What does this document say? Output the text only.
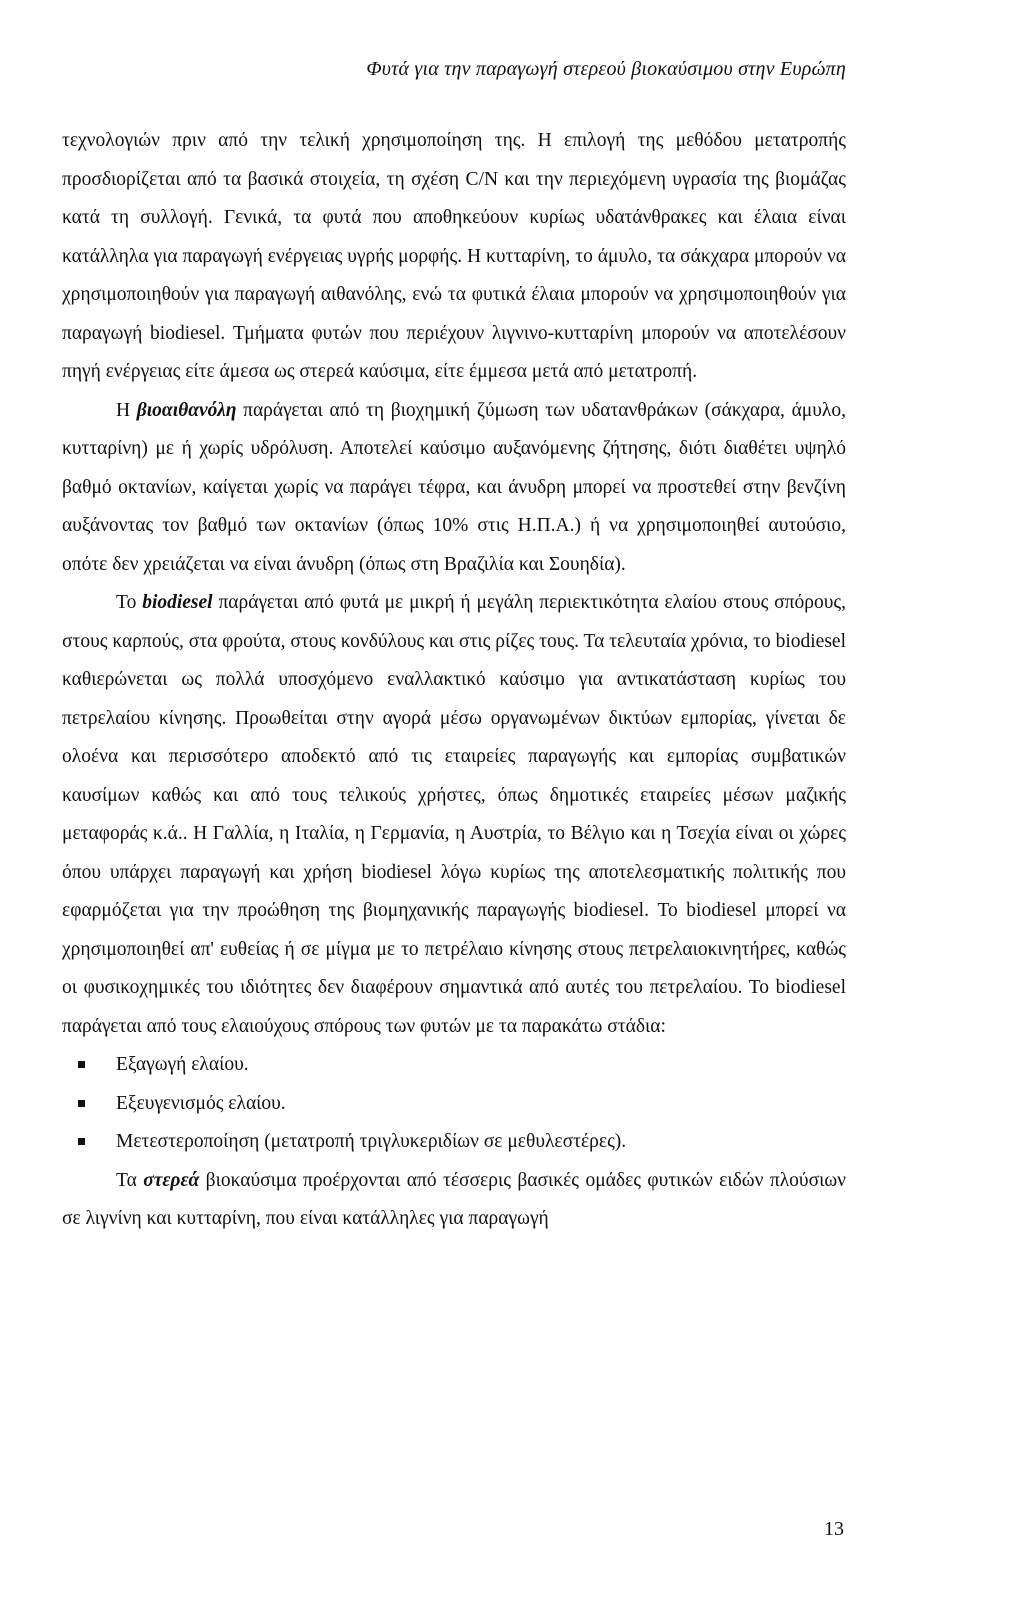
Φυτά για την παραγωγή στερεού βιοκαύσιμου στην Ευρώπη

τεχνολογιών πριν από την τελική χρησιμοποίηση της. Η επιλογή της μεθόδου μετατροπής προσδιορίζεται από τα βασικά στοιχεία, τη σχέση C/N και την περιεχόμενη υγρασία της βιομάζας κατά τη συλλογή. Γενικά, τα φυτά που αποθηκεύουν κυρίως υδατάνθρακες και έλαια είναι κατάλληλα για παραγωγή ενέργειας υγρής μορφής. Η κυτταρίνη, το άμυλο, τα σάκχαρα μπορούν να χρησιμοποιηθούν για παραγωγή αιθανόλης, ενώ τα φυτικά έλαια μπορούν να χρησιμοποιηθούν για παραγωγή biodiesel. Τμήματα φυτών που περιέχουν λιγνινο-κυτταρίνη μπορούν να αποτελέσουν πηγή ενέργειας είτε άμεσα ως στερεά καύσιμα, είτε έμμεσα μετά από μετατροπή.

Η βιοαιθανόλη παράγεται από τη βιοχημική ζύμωση των υδατανθράκων (σάκχαρα, άμυλο, κυτταρίνη) με ή χωρίς υδρόλυση. Αποτελεί καύσιμο αυξανόμενης ζήτησης, διότι διαθέτει υψηλό βαθμό οκτανίων, καίγεται χωρίς να παράγει τέφρα, και άνυδρη μπορεί να προστεθεί στην βενζίνη αυξάνοντας τον βαθμό των οκτανίων (όπως 10% στις Η.Π.Α.) ή να χρησιμοποιηθεί αυτούσιο, οπότε δεν χρειάζεται να είναι άνυδρη (όπως στη Βραζιλία και Σουηδία).

Το biodiesel παράγεται από φυτά με μικρή ή μεγάλη περιεκτικότητα ελαίου στους σπόρους, στους καρπούς, στα φρούτα, στους κονδύλους και στις ρίζες τους. Τα τελευταία χρόνια, το biodiesel καθιερώνεται ως πολλά υποσχόμενο εναλλακτικό καύσιμο για αντικατάσταση κυρίως του πετρελαίου κίνησης. Προωθείται στην αγορά μέσω οργανωμένων δικτύων εμπορίας, γίνεται δε ολοένα και περισσότερο αποδεκτό από τις εταιρείες παραγωγής και εμπορίας συμβατικών καυσίμων καθώς και από τους τελικούς χρήστες, όπως δημοτικές εταιρείες μέσων μαζικής μεταφοράς κ.ά.. Η Γαλλία, η Ιταλία, η Γερμανία, η Αυστρία, το Βέλγιο και η Τσεχία είναι οι χώρες όπου υπάρχει παραγωγή και χρήση biodiesel λόγω κυρίως της αποτελεσματικής πολιτικής που εφαρμόζεται για την προώθηση της βιομηχανικής παραγωγής biodiesel. Το biodiesel μπορεί να χρησιμοποιηθεί απ' ευθείας ή σε μίγμα με το πετρέλαιο κίνησης στους πετρελαιοκινητήρες, καθώς οι φυσικοχημικές του ιδιότητες δεν διαφέρουν σημαντικά από αυτές του πετρελαίου. Το biodiesel παράγεται από τους ελαιούχους σπόρους των φυτών με τα παρακάτω στάδια:

Εξαγωγή ελαίου.
Εξευγενισμός ελαίου.
Μετεστεροποίηση (μετατροπή τριγλυκεριδίων σε μεθυλεστέρες).

Τα στερεά βιοκαύσιμα προέρχονται από τέσσερις βασικές ομάδες φυτικών ειδών πλούσιων σε λιγνίνη και κυτταρίνη, που είναι κατάλληλες για παραγωγή

13
